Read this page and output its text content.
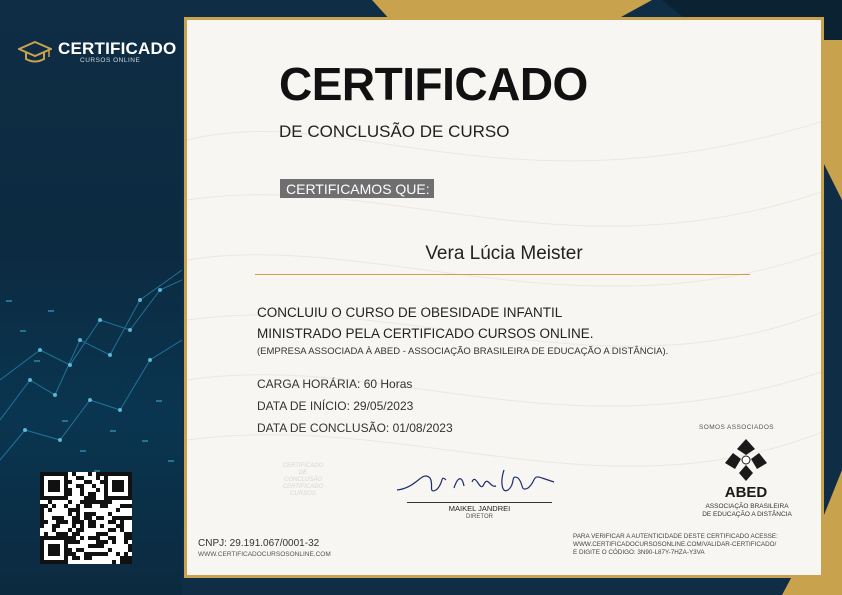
CERTIFICADO
CURSOS ONLINE	CERTIFICADO
DE CONCLUSÃO DE CURSO
CERTIFICAMOS QUE:
Vera Lúcia Meister
CONCLUIU O CURSO DE OBESIDADE INFANTIL
MINISTRADO PELA CERTIFICADO CURSOS ONLINE.
(EMPRESA ASSOCIADA À ABED - ASSOCIAÇÃO BRASILEIRA DE EDUCAÇÃO A DISTÂNCIA).
CARGA HORÁRIA: 60 Horas
DATA DE INÍCIO: 29/05/2023
DATA DE CONCLUSÃO: 01/08/2023
CERTIFICADO
DE
CONCLUSÃO
CERTIFICADO CURSOS
MAIKEL JANDREI
DIRETOR
SOMOS ASSOCIADOS
ABED
ASSOCIAÇÃO BRASILEIRA
DE EDUCAÇÃO A DISTÂNCIA
CNPJ: 29.191.067/0001-32
WWW.CERTIFICADOCURSOSONLINE.COM
PARA VERIFICAR A AUTENTICIDADE DESTE CERTIFICADO ACESSE:
WWW.CERTIFICADOCURSOSONLINE.COM/VALIDAR-CERTIFICADO/
E DIGITE O CÓDIGO: 3N90-L87Y-7HZA-Y3VA
